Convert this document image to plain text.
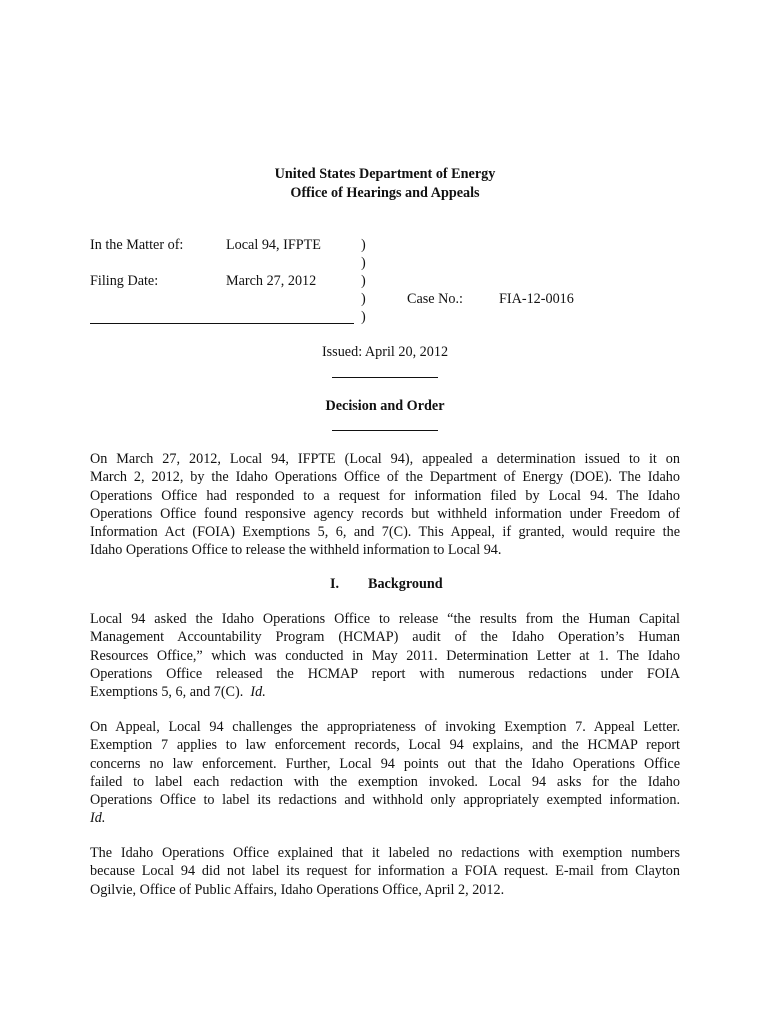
United States Department of Energy
Office of Hearings and Appeals
In the Matter of:	Local 94, IFPTE
March 27, 2012
Filing Date:
)
)
)
)
)
Case No.:	FIA-12-0016
Issued: April 20, 2012
Decision and Order
On March 27, 2012, Local 94, IFPTE (Local 94), appealed a determination issued to it on
March 2, 2012, by the Idaho Operations Office of the Department of Energy (DOE). The Idaho
Operations Office had responded to a request for information filed by Local 94. The Idaho
Operations Office found responsive agency records but withheld information under Freedom of
Information Act (FOIA) Exemptions 5, 6, and 7(C). This Appeal, if granted, would require the
Idaho Operations Office to release the withheld information to Local 94.
I. Background
Local 94 asked the Idaho Operations Office to release “the results from the Human Capital
Management Accountability Program (HCMAP) audit of the Idaho Operation’s Human
Resources Office,” which was conducted in May 2011. Determination Letter at 1. The Idaho
Operations Office released the HCMAP report with numerous redactions under FOIA
Exemptions 5, 6, and 7(C). Id.
On Appeal, Local 94 challenges the appropriateness of invoking Exemption 7. Appeal Letter.
Exemption 7 applies to law enforcement records, Local 94 explains, and the HCMAP report
concerns no law enforcement. Further, Local 94 points out that the Idaho Operations Office
failed to label each redaction with the exemption invoked. Local 94 asks for the Idaho
Operations Office to label its redactions and withhold only appropriately exempted information.
Id.
The Idaho Operations Office explained that it labeled no redactions with exemption numbers
because Local 94 did not label its request for information a FOIA request. E-mail from Clayton
Ogilvie, Office of Public Affairs, Idaho Operations Office, April 2, 2012.
